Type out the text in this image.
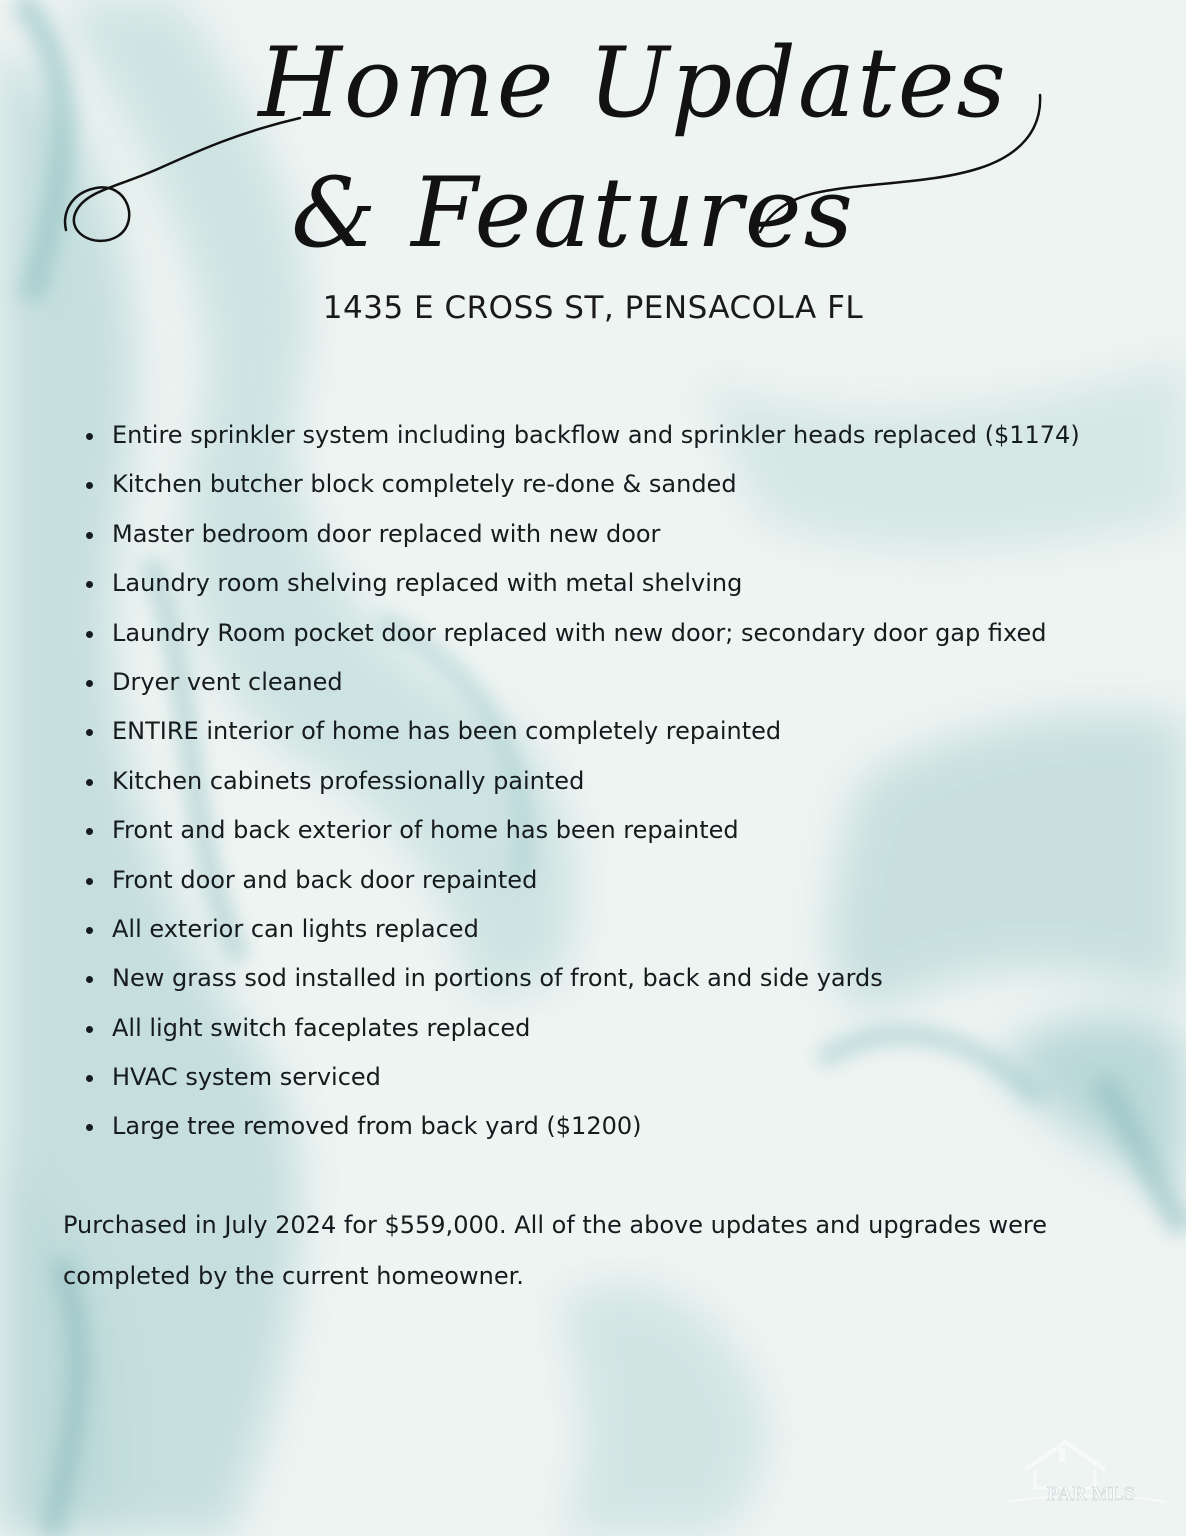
Home Updates
& Features
1435 E CROSS ST, PENSACOLA FL
Entire sprinkler system including backflow and sprinkler heads replaced ($1174)
Kitchen butcher block completely re-done & sanded
Master bedroom door replaced with new door
Laundry room shelving replaced with metal shelving
Laundry Room pocket door replaced with new door; secondary door gap fixed
Dryer vent cleaned
ENTIRE interior of home has been completely repainted
Kitchen cabinets professionally painted
Front and back exterior of home has been repainted
Front door and back door repainted
All exterior can lights replaced
New grass sod installed in portions of front, back and side yards
All light switch faceplates replaced
HVAC system serviced
Large tree removed from back yard ($1200)

Purchased in July 2024 for $559,000. All of the above updates and upgrades were completed by the current homeowner.

PAR MLS
